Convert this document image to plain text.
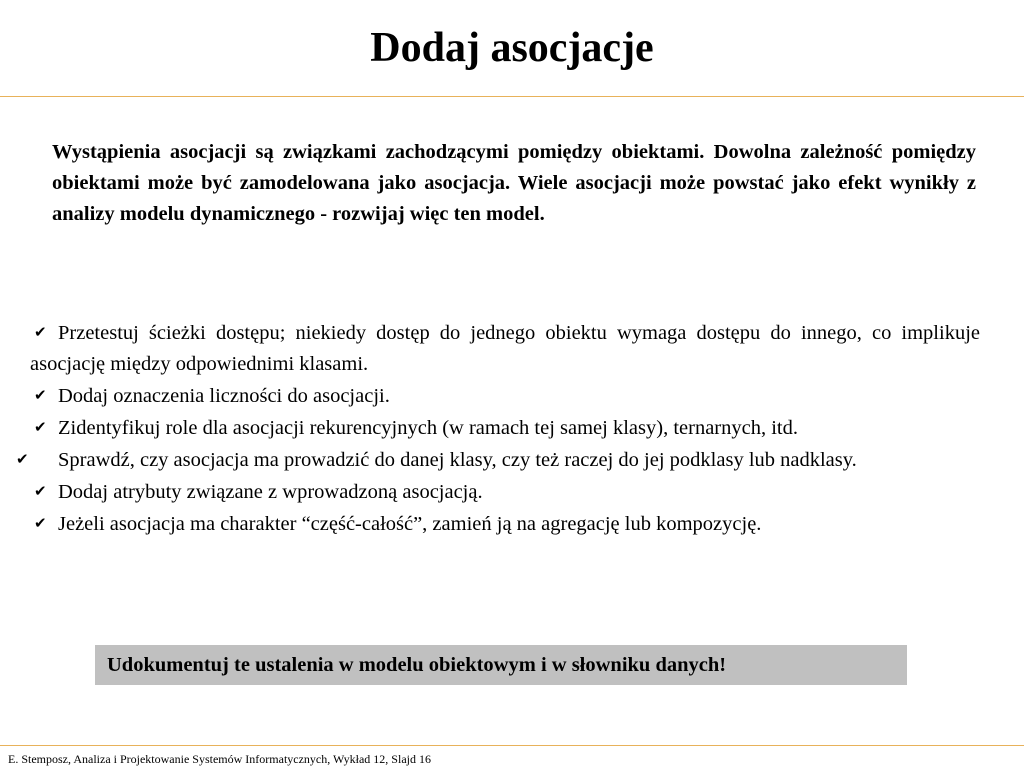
Dodaj asocjacje
Wystąpienia asocjacji są związkami zachodzącymi pomiędzy obiektami. Dowolna zależność pomiędzy obiektami może być zamodelowana jako asocjacja. Wiele asocjacji może powstać jako efekt wynikły z analizy modelu dynamicznego - rozwijaj więc ten model.
✔ Przetestuj ścieżki dostępu; niekiedy dostęp do jednego obiektu wymaga dostępu do innego, co implikuje asocjację między odpowiednimi klasami.
✔ Dodaj oznaczenia liczności do asocjacji.
✔ Zidentyfikuj role dla asocjacji rekurencyjnych (w ramach tej samej klasy), ternarnych, itd.
✔ Sprawdź, czy asocjacja ma prowadzić do danej klasy, czy też raczej do jej podklasy lub nadklasy.
✔ Dodaj atrybuty związane z wprowadzoną asocjacją.
✔ Jeżeli asocjacja ma charakter “część-całość”, zamień ją na agregację lub kompozycję.
Udokumentuj te ustalenia w modelu obiektowym i w słowniku danych!
E. Stemposz, Analiza i Projektowanie Systemów Informatycznych, Wykład 12, Slajd 16
